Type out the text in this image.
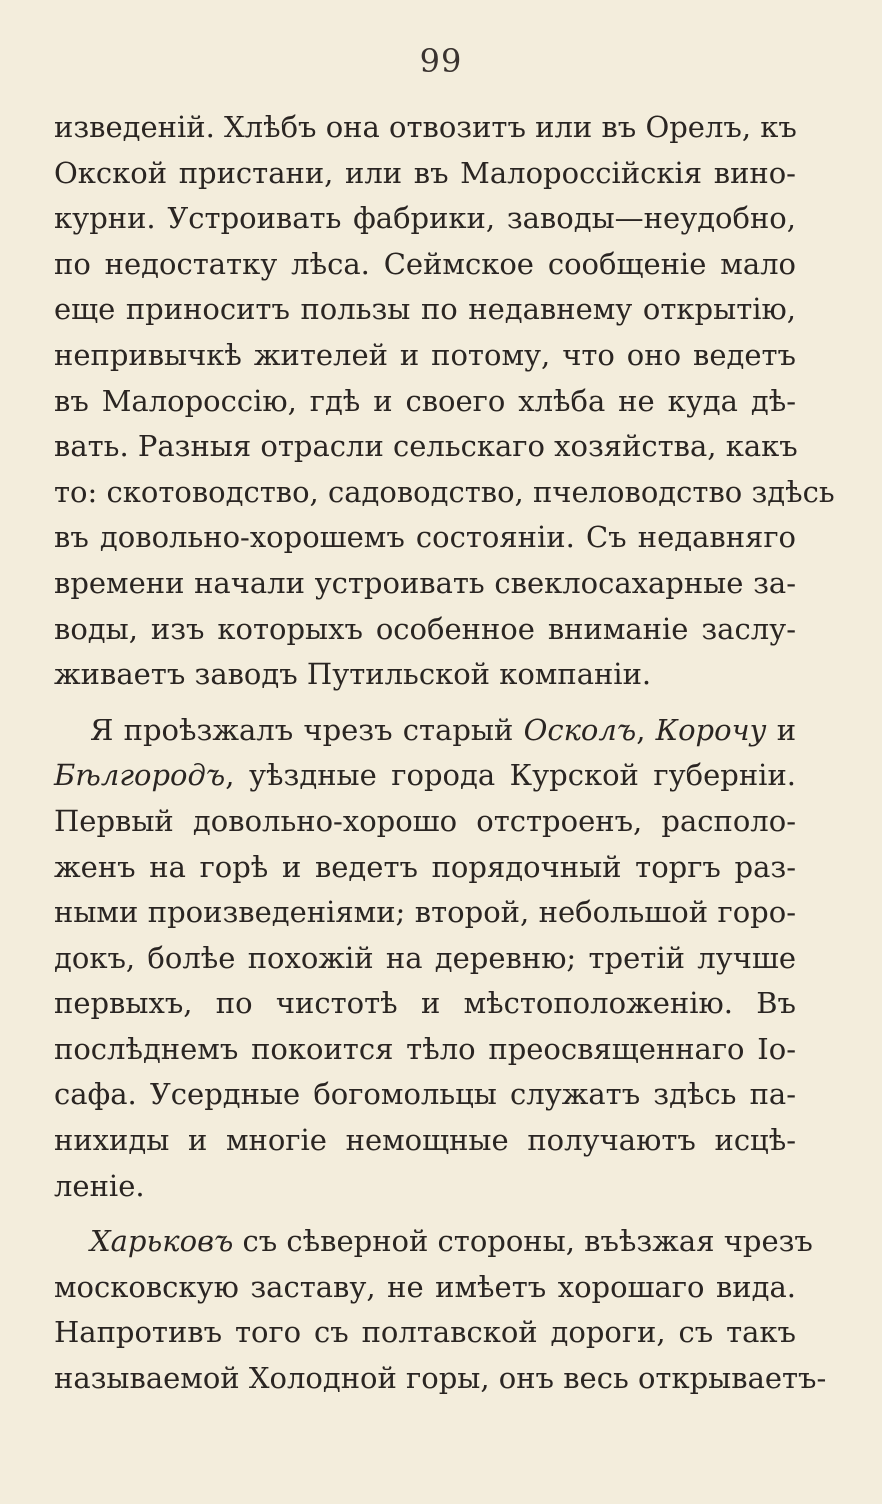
99
изведеній. Хлѣбъ она отвозитъ или въ Орелъ, къ
Окской пристани, или въ Малороссійскія вино-
курни. Устроивать фабрики, заводы—неудобно,
по недостатку лѣса. Сеймское сообщеніе мало
еще приноситъ пользы по недавнему открытію,
непривычкѣ жителей и потому, что оно ведетъ
въ Малороссію, гдѣ и своего хлѣба не куда дѣ-
вать. Разныя отрасли сельскаго хозяйства, какъ
то: скотоводство, садоводство, пчеловодство здѣсь
въ довольно-хорошемъ состояніи. Съ недавняго
времени начали устроивать свеклосахарные за-
воды, изъ которыхъ особенное вниманіе заслу-
живаетъ заводъ Путильской компаніи.
Я проѣзжалъ чрезъ старый Осколъ, Корочу и
Бѣлгородъ, уѣздные города Курской губерніи.
Первый довольно-хорошо отстроенъ, располо-
женъ на горѣ и ведетъ порядочный торгъ раз-
ными произведеніями; второй, небольшой горо-
докъ, болѣе похожій на деревню; третій лучше
первыхъ, по чистотѣ и мѣстоположенію. Въ
послѣднемъ покоится тѣло преосвященнаго Іо-
сафа. Усердные богомольцы служатъ здѣсь па-
нихиды и многіе немощные получаютъ исцѣ-
леніе.
Харьковъ съ сѣверной стороны, въѣзжая чрезъ
московскую заставу, не имѣетъ хорошаго вида.
Напротивъ того съ полтавской дороги, съ такъ
называемой Холодной горы, онъ весь открываетъ-
